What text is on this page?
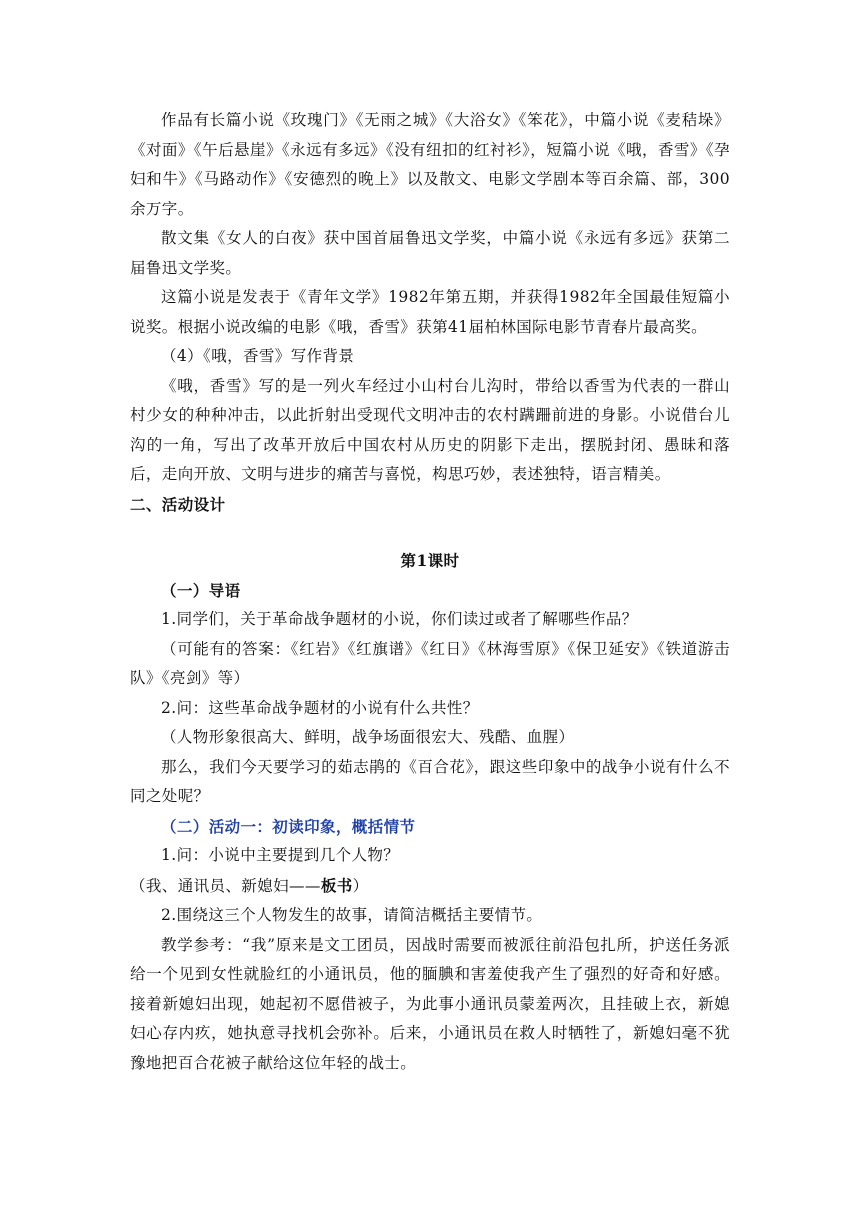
作品有长篇小说《玫瑰门》《无雨之城》《大浴女》《笨花》，中篇小说《麦秸垛》《对面》《午后悬崖》《永远有多远》《没有纽扣的红衬衫》，短篇小说《哦，香雪》《孕妇和牛》《马路动作》《安德烈的晚上》以及散文、电影文学剧本等百余篇、部，300余万字。

散文集《女人的白夜》获中国首届鲁迅文学奖，中篇小说《永远有多远》获第二届鲁迅文学奖。

这篇小说是发表于《青年文学》1982年第五期，并获得1982年全国最佳短篇小说奖。根据小说改编的电影《哦，香雪》获第41届柏林国际电影节青春片最高奖。

（4）《哦，香雪》写作背景

《哦，香雪》写的是一列火车经过小山村台儿沟时，带给以香雪为代表的一群山村少女的种种冲击，以此折射出受现代文明冲击的农村蹒跚前进的身影。小说借台儿沟的一角，写出了改革开放后中国农村从历史的阴影下走出，摆脱封闭、愚昧和落后，走向开放、文明与进步的痛苦与喜悦，构思巧妙，表述独特，语言精美。

二、活动设计

第1课时

（一）导语

1.同学们，关于革命战争题材的小说，你们读过或者了解哪些作品？

（可能有的答案：《红岩》《红旗谱》《红日》《林海雪原》《保卫延安》《铁道游击队》《亮剑》等）

2.问：这些革命战争题材的小说有什么共性？

（人物形象很高大、鲜明，战争场面很宏大、残酷、血腥）

那么，我们今天要学习的茹志鹃的《百合花》，跟这些印象中的战争小说有什么不同之处呢？

（二）活动一：初读印象，概括情节

1.问：小说中主要提到几个人物？

（我、通讯员、新媳妇——板书）

2.围绕这三个人物发生的故事，请简洁概括主要情节。

教学参考：“我”原来是文工团员，因战时需要而被派往前沿包扎所，护送任务派给一个见到女性就脸红的小通讯员，他的腼腆和害羞使我产生了强烈的好奇和好感。接着新媳妇出现，她起初不愿借被子，为此事小通讯员蒙羞两次，且挂破上衣，新媳妇心存内疚，她执意寻找机会弥补。后来，小通讯员在救人时牺牲了，新媳妇毫不犹豫地把百合花被子献给这位年轻的战士。
